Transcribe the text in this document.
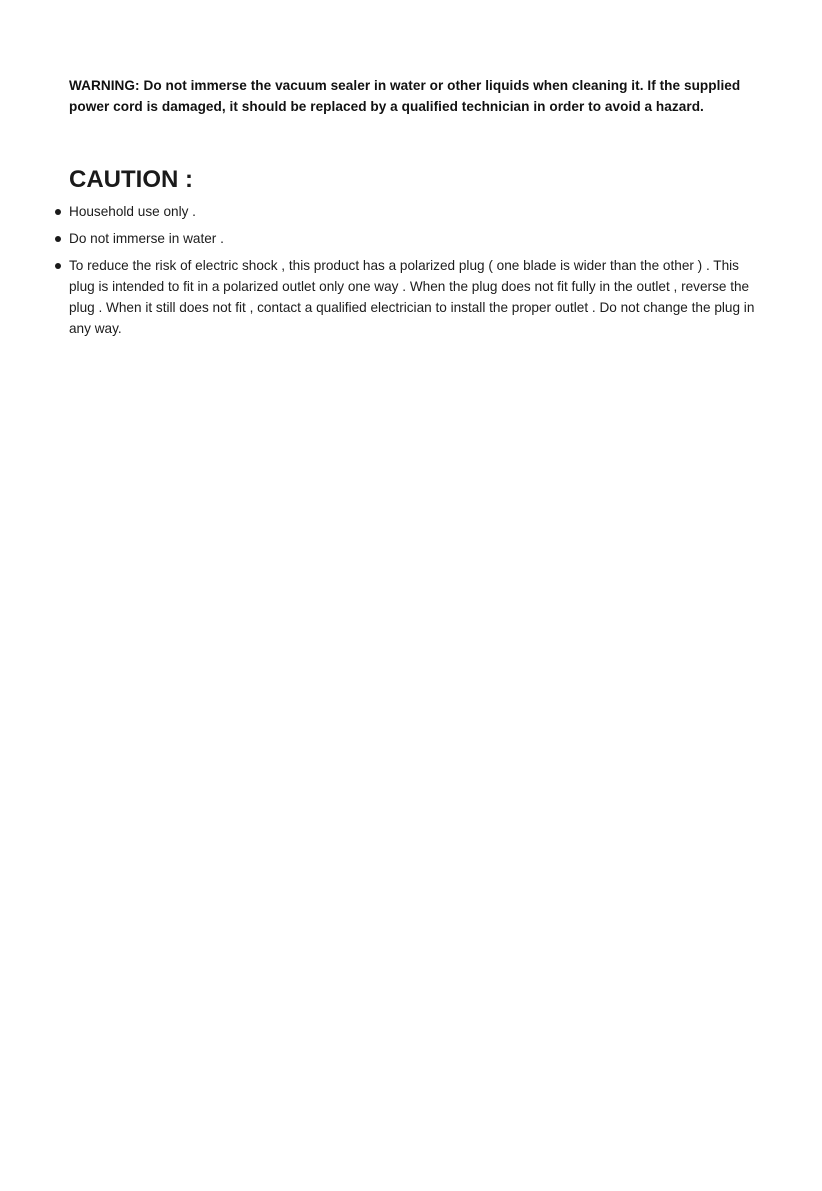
WARNING: Do not immerse the vacuum sealer in water or other liquids when cleaning it. If the supplied power cord is damaged, it should be replaced by a qualified technician in order to avoid a hazard.

CAUTION :
Household use only .
Do not immerse in water .
To reduce the risk of electric shock , this product has a polarized plug ( one blade is wider than the other ) . This plug is intended to fit in a polarized outlet only one way . When the plug does not fit fully in the outlet , reverse the plug . When it still does not fit , contact a qualified electrician to install the proper outlet . Do not change the plug in any way.
